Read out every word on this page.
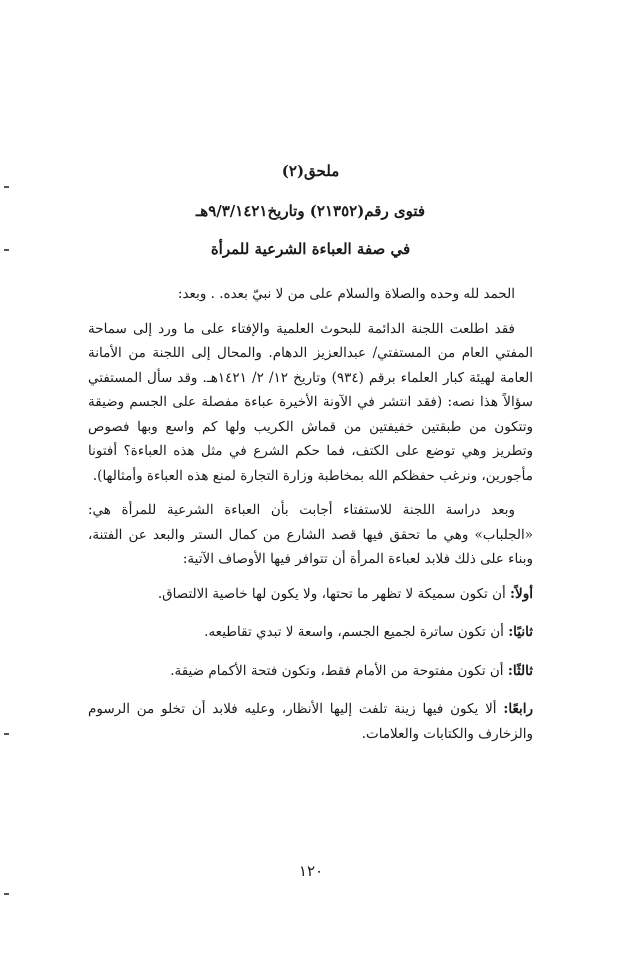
ملحق(٢)

فتوى رقم(٢١٣٥٢) وتاريخ٩/٣/١٤٢١هـ

في صفة العباءة الشرعية للمرأة

الحمد لله وحده والصلاة والسلام على من لا نبيّ بعده. . وبعد:

فقد اطلعت اللجنة الدائمة للبحوث العلمية والإفتاء على ما ورد إلى سماحة المفتي العام من المستفتي/ عبدالعزيز الدهام. والمحال إلى اللجنة من الأمانة العامة لهيئة كبار العلماء برقم (٩٣٤) وتاريخ ١٢/ ٢/ ١٤٢١هـ. وقد سأل المستفتي سؤالاً هذا نصه: (فقد انتشر في الآونة الأخيرة عباءة مفصلة على الجسم وضيقة وتتكون من طبقتين خفيفتين من قماش الكريب ولها كم واسع وبها فصوص وتطريز وهي توضع على الكتف، فما حكم الشرع في مثل هذه العباءة؟ أفتونا مأجورين، ونرغب حفظكم الله بمخاطبة وزارة التجارة لمنع هذه العباءة وأمثالها).

وبعد دراسة اللجنة للاستفتاء أجابت بأن العباءة الشرعية للمرأة هي: «الجلباب» وهي ما تحقق فيها قصد الشارع من كمال الستر والبعد عن الفتنة، وبناء على ذلك فلابد لعباءة المرأة أن تتوافر فيها الأوصاف الآتية:

أولاً: أن تكون سميكة لا تظهر ما تحتها، ولا يكون لها خاصية الالتصاق.

ثانيًا: أن تكون ساترة لجميع الجسم، واسعة لا تبدي تقاطيعه.

ثالثًا: أن تكون مفتوحة من الأمام فقط، وتكون فتحة الأكمام ضيقة.

رابعًا: ألا يكون فيها زينة تلفت إليها الأنظار، وعليه فلابد أن تخلو من الرسوم والزخارف والكتابات والعلامات.

١٢٠
